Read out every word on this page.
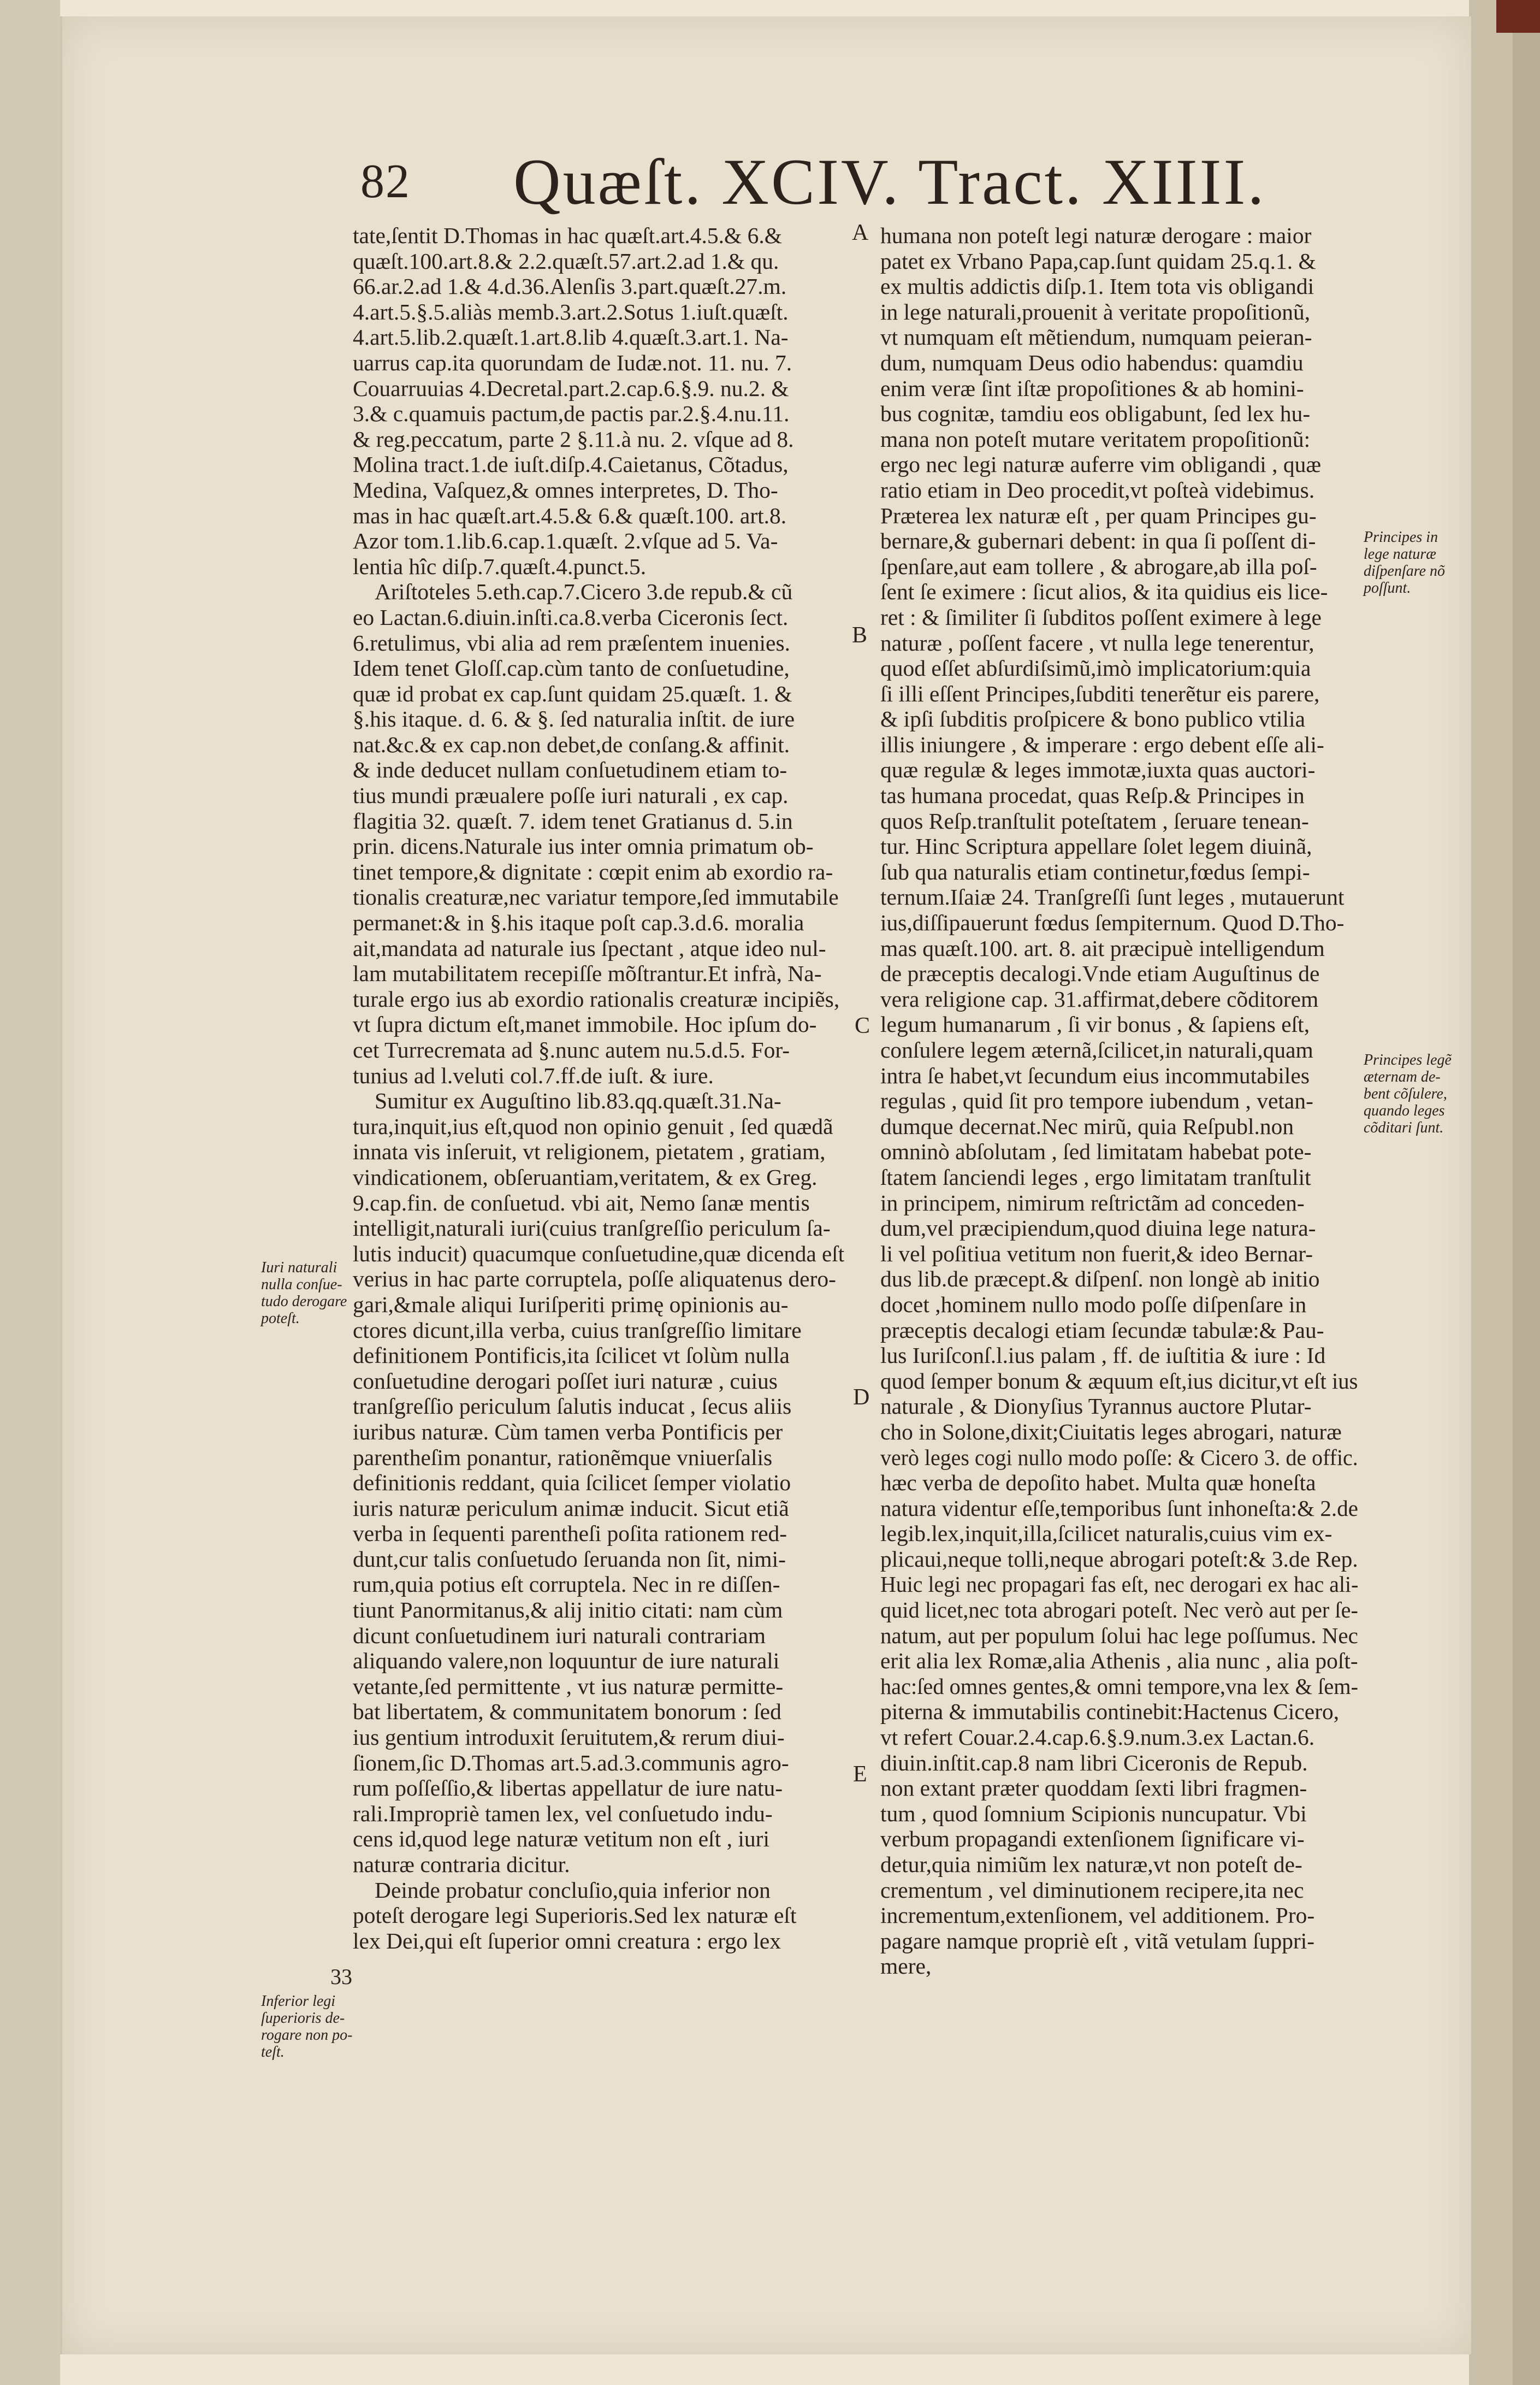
82 Quæſt. XCIV. Tract. XIIII.
tate,ſentit D.Thomas in hac quæſt.art.4.5.& 6.&
quæſt.100.art.8.& 2.2.quæſt.57.art.2.ad 1.& qu.
66.ar.2.ad 1.& 4.d.36.Alenſis 3.part.quæſt.27.m.
4.art.5.§.5.aliàs memb.3.art.2.Sotus 1.iuſt.quæſt.
4.art.5.lib.2.quæſt.1.art.8.lib 4.quæſt.3.art.1. Na-
uarrus cap.ita quorundam de Iudæ.not. 11. nu. 7.
Couarruuias 4.Decretal.part.2.cap.6.§.9. nu.2. &
3.& c.quamuis pactum,de pactis par.2.§.4.nu.11.
& reg.peccatum, parte 2 §.11.à nu. 2. vſque ad 8.
Molina tract.1.de iuſt.diſp.4.Caietanus, Cõtadus,
Medina, Vaſquez,& omnes interpretes, D. Tho-
mas in hac quæſt.art.4.5.& 6.& quæſt.100. art.8.
Azor tom.1.lib.6.cap.1.quæſt. 2.vſque ad 5. Va-
lentia hîc diſp.7.quæſt.4.punct.5.
Ariſtoteles 5.eth.cap.7.Cicero 3.de repub.& cũ
eo Lactan.6.diuin.inſti.ca.8.verba Ciceronis ſect.
6.retulimus, vbi alia ad rem præſentem inuenies.
Idem tenet Gloſſ.cap.cùm tanto de conſuetudine,
quæ id probat ex cap.ſunt quidam 25.quæſt. 1. &
§.his itaque. d. 6. & §. ſed naturalia inſtit. de iure
nat.&c.& ex cap.non debet,de conſang.& affinit.
& inde deducet nullam conſuetudinem etiam to-
tius mundi præualere poſſe iuri naturali , ex cap.
flagitia 32. quæſt. 7. idem tenet Gratianus d. 5.in
prin. dicens.Naturale ius inter omnia primatum ob-
tinet tempore,& dignitate : cœpit enim ab exordio ra-
tionalis creaturæ,nec variatur tempore,ſed immutabile
permanet:& in §.his itaque poſt cap.3.d.6. moralia
ait,mandata ad naturale ius ſpectant , atque ideo nul-
lam mutabilitatem recepiſſe mõſtrantur.Et infrà, Na-
turale ergo ius ab exordio rationalis creaturæ incipiẽs,
vt ſupra dictum eſt,manet immobile. Hoc ipſum do-
cet Turrecremata ad §.nunc autem nu.5.d.5. For-
tunius ad l.veluti col.7.ff.de iuſt. & iure.
Sumitur ex Auguſtino lib.83.qq.quæſt.31.Na-
tura,inquit,ius eſt,quod non opinio genuit , ſed quædã
innata vis inſeruit, vt religionem, pietatem , gratiam,
vindicationem, obſeruantiam,veritatem, & ex Greg.
9.cap.fin. de conſuetud. vbi ait, Nemo ſanæ mentis
intelligit,naturali iuri(cuius tranſgreſſio periculum ſa-
lutis inducit) quacumque conſuetudine,quæ dicenda eſt
verius in hac parte corruptela, poſſe aliquatenus dero-
gari,&male aliqui Iuriſperiti primę opinionis au-
ctores dicunt,illa verba, cuius tranſgreſſio limitare
definitionem Pontificis,ita ſcilicet vt ſolùm nulla
conſuetudine derogari poſſet iuri naturæ , cuius
tranſgreſſio periculum ſalutis inducat , ſecus aliis
iuribus naturæ. Cùm tamen verba Pontificis per
parentheſim ponantur, rationẽmque vniuerſalis
definitionis reddant, quia ſcilicet ſemper violatio
iuris naturæ periculum animæ inducit. Sicut etiã
verba in ſequenti parentheſi poſita rationem red-
dunt,cur talis conſuetudo ſeruanda non ſit, nimi-
rum,quia potius eſt corruptela. Nec in re diſſen-
tiunt Panormitanus,& alij initio citati: nam cùm
dicunt conſuetudinem iuri naturali contrariam
aliquando valere,non loquuntur de iure naturali
vetante,ſed permittente , vt ius naturæ permitte-
bat libertatem, & communitatem bonorum : ſed
ius gentium introduxit ſeruitutem,& rerum diui-
ſionem,ſic D.Thomas art.5.ad.3.communis agro-
rum poſſeſſio,& libertas appellatur de iure natu-
rali.Impropriè tamen lex, vel conſuetudo indu-
cens id,quod lege naturæ vetitum non eſt , iuri
naturæ contraria dicitur.
Deinde probatur concluſio,quia inferior non
poteſt derogare legi Superioris.Sed lex naturæ eſt
lex Dei,qui eſt ſuperior omni creatura : ergo lex
humana non poteſt legi naturæ derogare : maior
patet ex Vrbano Papa,cap.ſunt quidam 25.q.1. &
ex multis addictis diſp.1. Item tota vis obligandi
in lege naturali,prouenit à veritate propoſitionũ,
vt numquam eſt mẽtiendum, numquam peieran-
dum, numquam Deus odio habendus: quamdiu
enim veræ ſint iſtæ propoſitiones & ab homini-
bus cognitæ, tamdiu eos obligabunt, ſed lex hu-
mana non poteſt mutare veritatem propoſitionũ:
ergo nec legi naturæ auferre vim obligandi , quæ
ratio etiam in Deo procedit,vt poſteà videbimus.
Præterea lex naturæ eſt , per quam Principes gu-
bernare,& gubernari debent: in qua ſi poſſent di-
ſpenſare,aut eam tollere , & abrogare,ab illa poſ-
ſent ſe eximere : ſicut alios, & ita quidius eis lice-
ret : & ſimiliter ſi ſubditos poſſent eximere à lege
naturæ , poſſent facere , vt nulla lege tenerentur,
quod eſſet abſurdiſsimũ,imò implicatorium:quia
ſi illi eſſent Principes,ſubditi tenerẽtur eis parere,
& ipſi ſubditis proſpicere & bono publico vtilia
illis iniungere , & imperare : ergo debent eſſe ali-
quæ regulæ & leges immotæ,iuxta quas auctori-
tas humana procedat, quas Reſp.& Principes in
quos Reſp.tranſtulit poteſtatem , ſeruare tenean-
tur. Hinc Scriptura appellare ſolet legem diuinã,
ſub qua naturalis etiam continetur,fœdus ſempi-
ternum.Iſaiæ 24. Tranſgreſſi ſunt leges , mutauerunt
ius,diſſipauerunt fœdus ſempiternum. Quod D.Tho-
mas quæſt.100. art. 8. ait præcipuè intelligendum
de præceptis decalogi.Vnde etiam Auguſtinus de
vera religione cap. 31.affirmat,debere cõditorem
legum humanarum , ſi vir bonus , & ſapiens eſt,
conſulere legem æternã,ſcilicet,in naturali,quam
intra ſe habet,vt ſecundum eius incommutabiles
regulas , quid ſit pro tempore iubendum , vetan-
dumque decernat.Nec mirũ, quia Reſpubl.non
omninò abſolutam , ſed limitatam habebat pote-
ſtatem ſanciendi leges , ergo limitatam tranſtulit
in principem, nimirum reſtrictãm ad conceden-
dum,vel præcipiendum,quod diuina lege natura-
li vel poſitiua vetitum non fuerit,& ideo Bernar-
dus lib.de præcept.& diſpenſ. non longè ab initio
docet ,hominem nullo modo poſſe diſpenſare in
præceptis decalogi etiam ſecundæ tabulæ:& Pau-
lus Iuriſconſ.l.ius palam , ff. de iuſtitia & iure : Id
quod ſemper bonum & æquum eſt,ius dicitur,vt eſt ius
naturale , & Dionyſius Tyrannus auctore Plutar-
cho in Solone,dixit;Ciuitatis leges abrogari, naturæ
verò leges cogi nullo modo poſſe: & Cicero 3. de offic.
hæc verba de depoſito habet. Multa quæ honeſta
natura videntur eſſe,temporibus ſunt inhoneſta:& 2.de
legib.lex,inquit,illa,ſcilicet naturalis,cuius vim ex-
plicaui,neque tolli,neque abrogari poteſt:& 3.de Rep.
Huic legi nec propagari fas eſt, nec derogari ex hac ali-
quid licet,nec tota abrogari poteſt. Nec verò aut per ſe-
natum, aut per populum ſolui hac lege poſſumus. Nec
erit alia lex Romæ,alia Athenis , alia nunc , alia poſt-
hac:ſed omnes gentes,& omni tempore,vna lex & ſem-
piterna & immutabilis continebit:Hactenus Cicero,
vt refert Couar.2.4.cap.6.§.9.num.3.ex Lactan.6.
diuin.inſtit.cap.8 nam libri Ciceronis de Repub.
non extant præter quoddam ſexti libri fragmen-
tum , quod ſomnium Scipionis nuncupatur. Vbi
verbum propagandi extenſionem ſignificare vi-
detur,quia nimiũm lex naturæ,vt non poteſt de-
crementum , vel diminutionem recipere,ita nec
incrementum,extenſionem, vel additionem. Pro-
pagare namque propriè eſt , vitã vetulam ſuppri-
mere,
A
B
C
D
E
Iuri naturali
nulla conſue-
tudo derogare
poteſt.
33
Inferior legi
ſuperioris de-
rogare non po-
teſt.
Principes in
lege naturæ
diſpenſare nõ
poſſunt.
Principes legẽ
æternam de-
bent cõſulere,
quando leges
cõditari ſunt.
